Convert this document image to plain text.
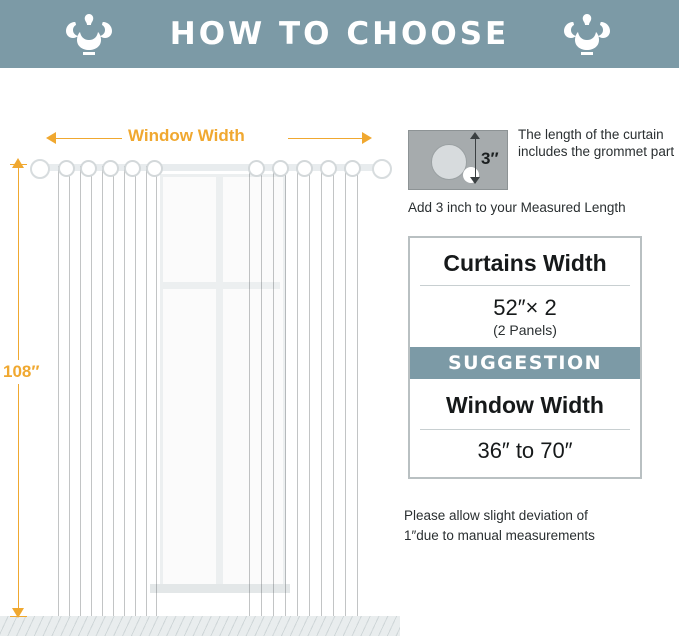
HOW TO CHOOSE
Window Width
108″
3″
The length of the curtain includes the grommet part
Add 3 inch to your Measured Length
Curtains Width
52″× 2
(2 Panels)
SUGGESTION
Window Width
36″ to 70″
Please allow slight deviation of
1″due to manual measurements
